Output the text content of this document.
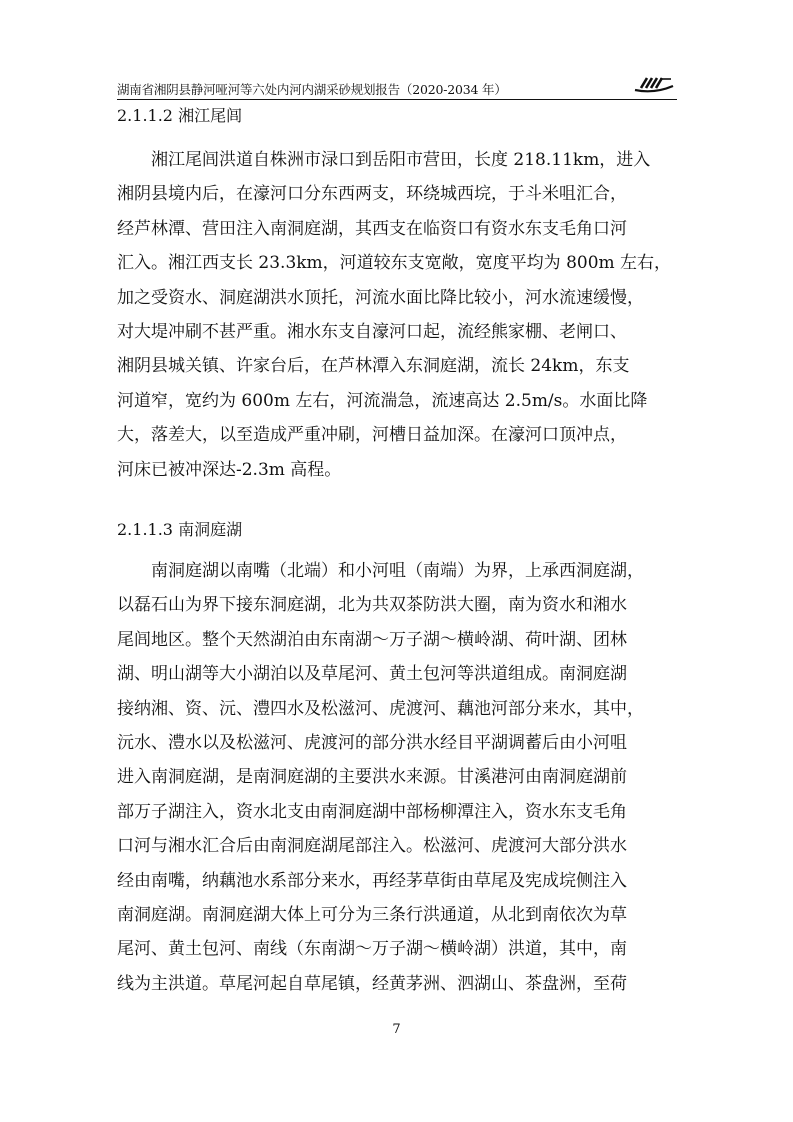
湖南省湘阴县静河哑河等六处内河内湖采砂规划报告（2020-2034 年）
2.1.1.2 湘江尾闾
湘江尾闾洪道自株洲市渌口到岳阳市营田，长度 218.11km，进入
湘阴县境内后，在濠河口分东西两支，环绕城西垸，于斗米咀汇合，
经芦林潭、营田注入南洞庭湖，其西支在临资口有资水东支毛角口河
汇入。湘江西支长 23.3km，河道较东支宽敞，宽度平均为 800m 左右，
加之受资水、洞庭湖洪水顶托，河流水面比降比较小，河水流速缓慢，
对大堤冲刷不甚严重。湘水东支自濠河口起，流经熊家棚、老闸口、
湘阴县城关镇、许家台后，在芦林潭入东洞庭湖，流长 24km，东支
河道窄，宽约为 600m 左右，河流湍急，流速高达 2.5m/s。水面比降
大，落差大，以至造成严重冲刷，河槽日益加深。在濠河口顶冲点，
河床已被冲深达-2.3m 高程。
2.1.1.3 南洞庭湖
南洞庭湖以南嘴（北端）和小河咀（南端）为界，上承西洞庭湖，
以磊石山为界下接东洞庭湖，北为共双茶防洪大圈，南为资水和湘水
尾闾地区。整个天然湖泊由东南湖～万子湖～横岭湖、荷叶湖、团林
湖、明山湖等大小湖泊以及草尾河、黄土包河等洪道组成。南洞庭湖
接纳湘、资、沅、澧四水及松滋河、虎渡河、藕池河部分来水，其中，
沅水、澧水以及松滋河、虎渡河的部分洪水经目平湖调蓄后由小河咀
进入南洞庭湖，是南洞庭湖的主要洪水来源。甘溪港河由南洞庭湖前
部万子湖注入，资水北支由南洞庭湖中部杨柳潭注入，资水东支毛角
口河与湘水汇合后由南洞庭湖尾部注入。松滋河、虎渡河大部分洪水
经由南嘴，纳藕池水系部分来水，再经茅草街由草尾及宪成垸侧注入
南洞庭湖。南洞庭湖大体上可分为三条行洪通道，从北到南依次为草
尾河、黄土包河、南线（东南湖～万子湖～横岭湖）洪道，其中，南
线为主洪道。草尾河起自草尾镇，经黄茅洲、泗湖山、茶盘洲，至荷
7
